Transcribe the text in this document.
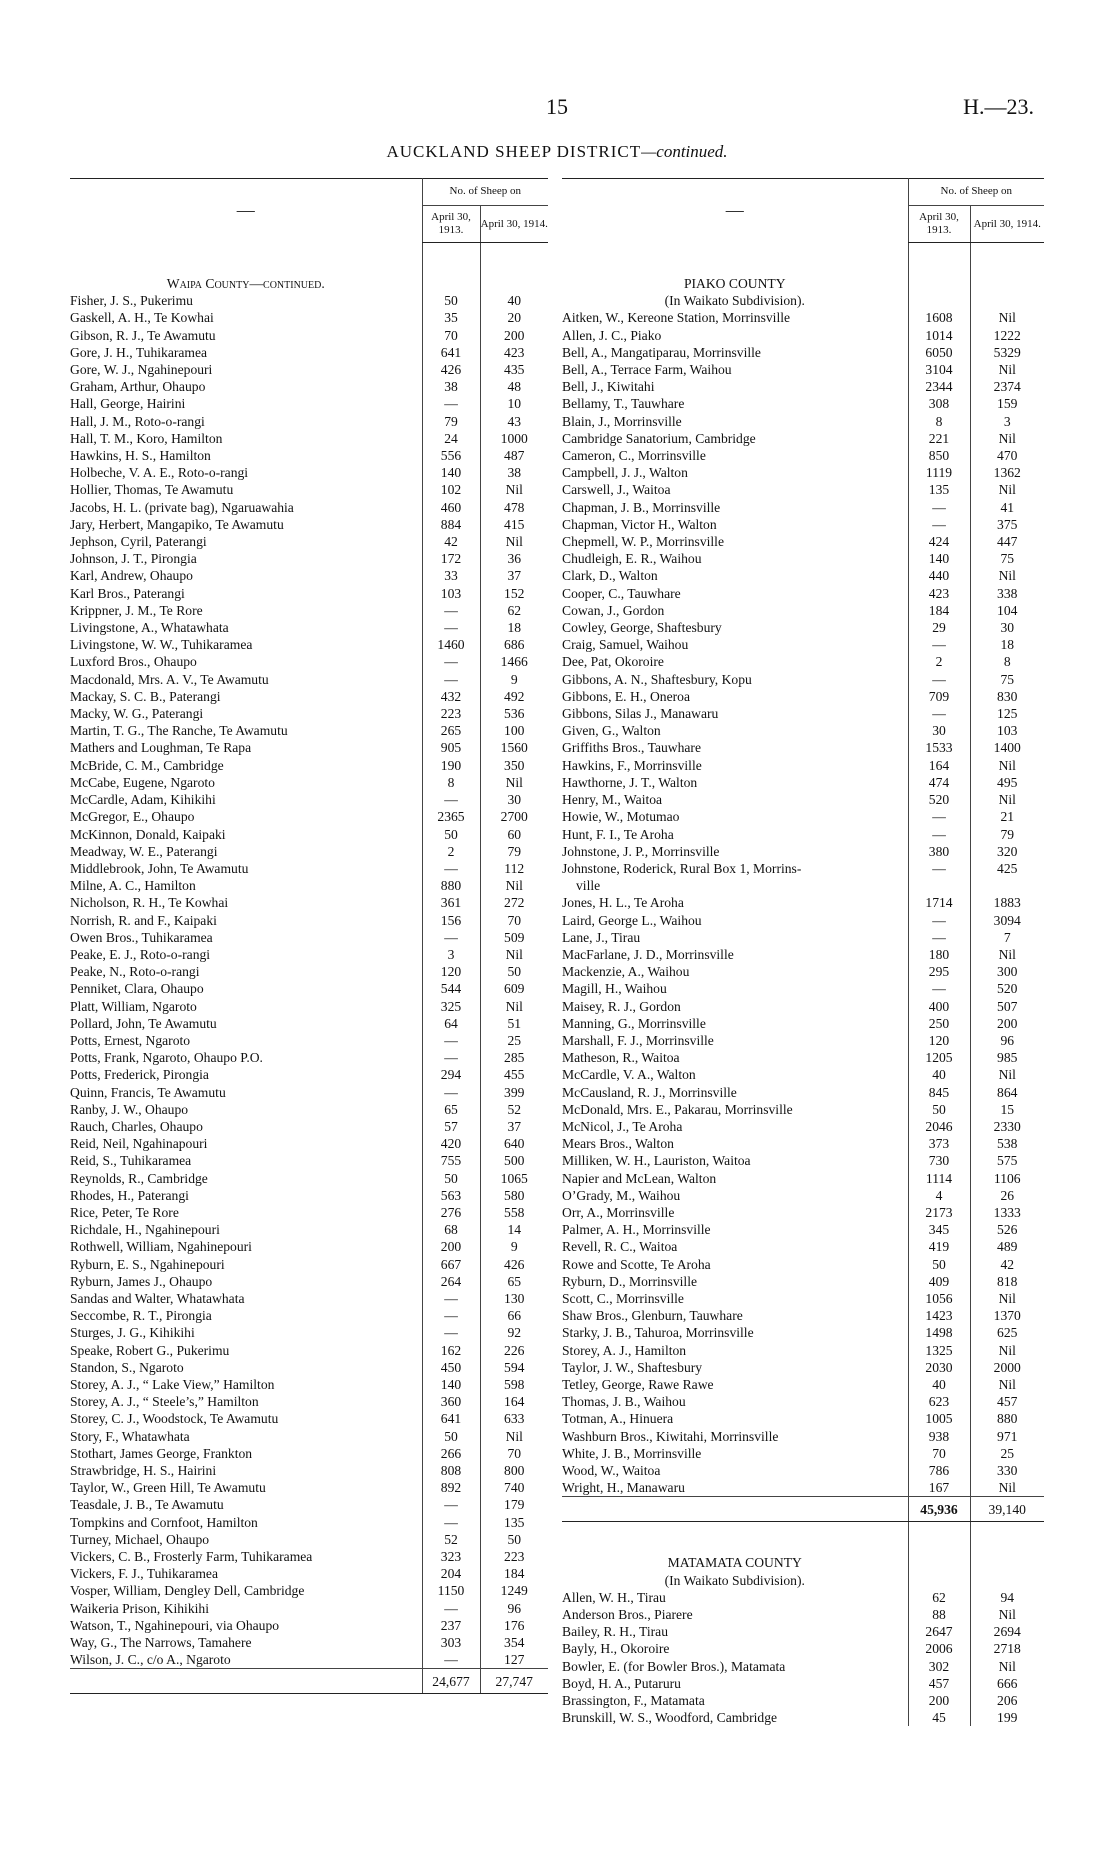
15	H.—23.
AUCKLAND SHEEP DISTRICT—continued.
—	No. of Sheep on	
	April 30, 1913.	April 30, 1914.

Waipa County—continued.		
Fisher, J. S., Pukerimu	50	40
Gaskell, A. H., Te Kowhai	35	20
Gibson, R. J., Te Awamutu	70	200
Gore, J. H., Tuhikaramea	641	423
Gore, W. J., Ngahinepouri	426	435
Graham, Arthur, Ohaupo	38	48
Hall, George, Hairini	—	10
Hall, J. M., Roto-o-rangi	79	43
Hall, T. M., Koro, Hamilton	24	1000
Hawkins, H. S., Hamilton	556	487
Holbeche, V. A. E., Roto-o-rangi	140	38
Hollier, Thomas, Te Awamutu	102	Nil
Jacobs, H. L. (private bag), Ngaruawahia	460	478
Jary, Herbert, Mangapiko, Te Awamutu	884	415
Jephson, Cyril, Paterangi	42	Nil
Johnson, J. T., Pirongia	172	36
Karl, Andrew, Ohaupo	33	37
Karl Bros., Paterangi	103	152
Krippner, J. M., Te Rore	—	62
Livingstone, A., Whatawhata	—	18
Livingstone, W. W., Tuhikaramea	1460	686
Luxford Bros., Ohaupo	—	1466
Macdonald, Mrs. A. V., Te Awamutu	—	9
Mackay, S. C. B., Paterangi	432	492
Macky, W. G., Paterangi	223	536
Martin, T. G., The Ranche, Te Awamutu	265	100
Mathers and Loughman, Te Rapa	905	1560
McBride, C. M., Cambridge	190	350
McCabe, Eugene, Ngaroto	8	Nil
McCardle, Adam, Kihikihi	—	30
McGregor, E., Ohaupo	2365	2700
McKinnon, Donald, Kaipaki	50	60
Meadway, W. E., Paterangi	2	79
Middlebrook, John, Te Awamutu	—	112
Milne, A. C., Hamilton	880	Nil
Nicholson, R. H., Te Kowhai	361	272
Norrish, R. and F., Kaipaki	156	70
Owen Bros., Tuhikaramea	—	509
Peake, E. J., Roto-o-rangi	3	Nil
Peake, N., Roto-o-rangi	120	50
Penniket, Clara, Ohaupo	544	609
Platt, William, Ngaroto	325	Nil
Pollard, John, Te Awamutu	64	51
Potts, Ernest, Ngaroto	—	25
Potts, Frank, Ngaroto, Ohaupo P.O.	—	285
Potts, Frederick, Pirongia	294	455
Quinn, Francis, Te Awamutu	—	399
Ranby, J. W., Ohaupo	65	52
Rauch, Charles, Ohaupo	57	37
Reid, Neil, Ngahinapouri	420	640
Reid, S., Tuhikaramea	755	500
Reynolds, R., Cambridge	50	1065
Rhodes, H., Paterangi	563	580
Rice, Peter, Te Rore	276	558
Richdale, H., Ngahinepouri	68	14
Rothwell, William, Ngahinepouri	200	9
Ryburn, E. S., Ngahinepouri	667	426
Ryburn, James J., Ohaupo	264	65
Sandas and Walter, Whatawhata	—	130
Seccombe, R. T., Pirongia	—	66
Sturges, J. G., Kihikihi	—	92
Speake, Robert G., Pukerimu	162	226
Standon, S., Ngaroto	450	594
Storey, A. J., “ Lake View,” Hamilton	140	598
Storey, A. J., “ Steele’s,” Hamilton	360	164
Storey, C. J., Woodstock, Te Awamutu	641	633
Story, F., Whatawhata	50	Nil
Stothart, James George, Frankton	266	70
Strawbridge, H. S., Hairini	808	800
Taylor, W., Green Hill, Te Awamutu	892	740
Teasdale, J. B., Te Awamutu	—	179
Tompkins and Cornfoot, Hamilton	—	135
Turney, Michael, Ohaupo	52	50
Vickers, C. B., Frosterly Farm, Tuhikaramea	323	223
Vickers, F. J., Tuhikaramea	204	184
Vosper, William, Dengley Dell, Cambridge	1150	1249
Waikeria Prison, Kihikihi	—	96
Watson, T., Ngahinepouri, via Ohaupo	237	176
Way, G., The Narrows, Tamahere	303	354
Wilson, J. C., c/o A., Ngaroto	—	127
	24,677	27,747
—	No. of Sheep on	
	April 30, 1913.	April 30, 1914.

PIAKO COUNTY		
(In Waikato Subdivision).		
Aitken, W., Kereone Station, Morrinsville	1608	Nil
Allen, J. C., Piako	1014	1222
Bell, A., Mangatiparau, Morrinsville	6050	5329
Bell, A., Terrace Farm, Waihou	3104	Nil
Bell, J., Kiwitahi	2344	2374
Bellamy, T., Tauwhare	308	159
Blain, J., Morrinsville	8	3
Cambridge Sanatorium, Cambridge	221	Nil
Cameron, C., Morrinsville	850	470
Campbell, J. J., Walton	1119	1362
Carswell, J., Waitoa	135	Nil
Chapman, J. B., Morrinsville	—	41
Chapman, Victor H., Walton	—	375
Chepmell, W. P., Morrinsville	424	447
Chudleigh, E. R., Waihou	140	75
Clark, D., Walton	440	Nil
Cooper, C., Tauwhare	423	338
Cowan, J., Gordon	184	104
Cowley, George, Shaftesbury	29	30
Craig, Samuel, Waihou	—	18
Dee, Pat, Okoroire	2	8
Gibbons, A. N., Shaftesbury, Kopu	—	75
Gibbons, E. H., Oneroa	709	830
Gibbons, Silas J., Manawaru	—	125
Given, G., Walton	30	103
Griffiths Bros., Tauwhare	1533	1400
Hawkins, F., Morrinsville	164	Nil
Hawthorne, J. T., Walton	474	495
Henry, M., Waitoa	520	Nil
Howie, W., Motumao	—	21
Hunt, F. I., Te Aroha	—	79
Johnstone, J. P., Morrinsville	380	320
Johnstone, Roderick, Rural Box 1, Morrins-	—	425
ville		
Jones, H. L., Te Aroha	1714	1883
Laird, George L., Waihou	—	3094
Lane, J., Tirau	—	7
MacFarlane, J. D., Morrinsville	180	Nil
Mackenzie, A., Waihou	295	300
Magill, H., Waihou	—	520
Maisey, R. J., Gordon	400	507
Manning, G., Morrinsville	250	200
Marshall, F. J., Morrinsville	120	96
Matheson, R., Waitoa	1205	985
McCardle, V. A., Walton	40	Nil
McCausland, R. J., Morrinsville	845	864
McDonald, Mrs. E., Pakarau, Morrinsville	50	15
McNicol, J., Te Aroha	2046	2330
Mears Bros., Walton	373	538
Milliken, W. H., Lauriston, Waitoa	730	575
Napier and McLean, Walton	1114	1106
O’Grady, M., Waihou	4	26
Orr, A., Morrinsville	2173	1333
Palmer, A. H., Morrinsville	345	526
Revell, R. C., Waitoa	419	489
Rowe and Scotte, Te Aroha	50	42
Ryburn, D., Morrinsville	409	818
Scott, C., Morrinsville	1056	Nil
Shaw Bros., Glenburn, Tauwhare	1423	1370
Starky, J. B., Tahuroa, Morrinsville	1498	625
Storey, A. J., Hamilton	1325	Nil
Taylor, J. W., Shaftesbury	2030	2000
Tetley, George, Rawe Rawe	40	Nil
Thomas, J. B., Waihou	623	457
Totman, A., Hinuera	1005	880
Washburn Bros., Kiwitahi, Morrinsville	938	971
White, J. B., Morrinsville	70	25
Wood, W., Waitoa	786	330
Wright, H., Manawaru	167	Nil
	45,936	39,140

MATAMATA COUNTY		
(In Waikato Subdivision).		
Allen, W. H., Tirau	62	94
Anderson Bros., Piarere	88	Nil
Bailey, R. H., Tirau	2647	2694
Bayly, H., Okoroire	2006	2718
Bowler, E. (for Bowler Bros.), Matamata	302	Nil
Boyd, H. A., Putaruru	457	666
Brassington, F., Matamata	200	206
Brunskill, W. S., Woodford, Cambridge	45	199
